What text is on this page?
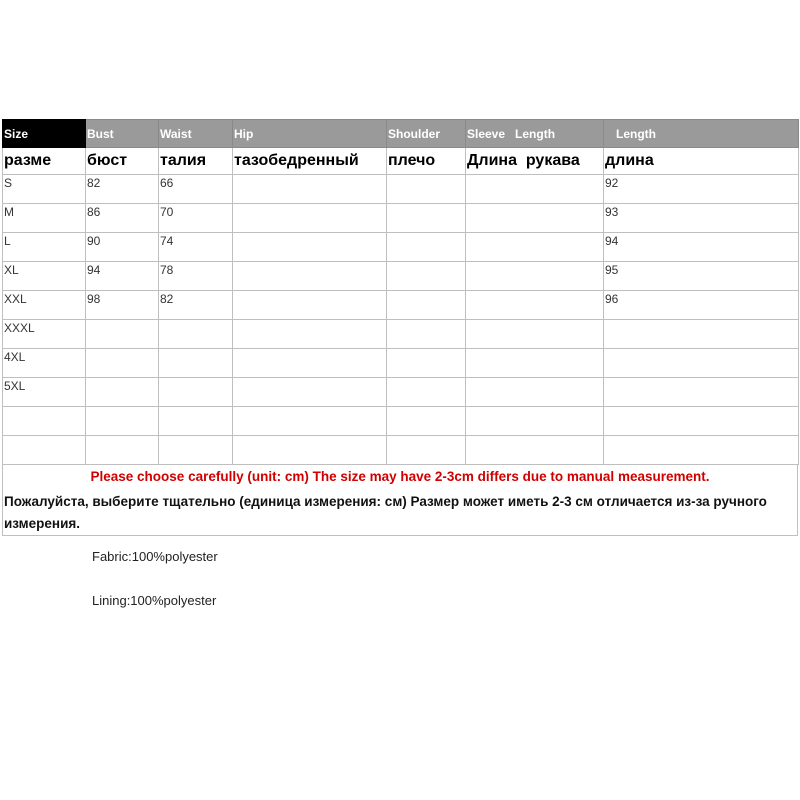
Size	Bust	Waist	Hip	Shoulder	Sleeve   Length	Length
разме	бюст	талия	тазобедренный	плечо	Длина  рукава	длина
S	82	66				92
M	86	70				93
L	90	74				94
XL	94	78				95
XXL	98	82				96
XXXL						
4XL						
5XL						

Please choose carefully (unit: cm) The size may have 2-3cm differs due to manual measurement.
Пожалуйста, выберите тщательно (единица измерения: см) Размер может иметь 2-3 см отличается из-за ручного измерения.
Fabric:100%polyester
Lining:100%polyester
